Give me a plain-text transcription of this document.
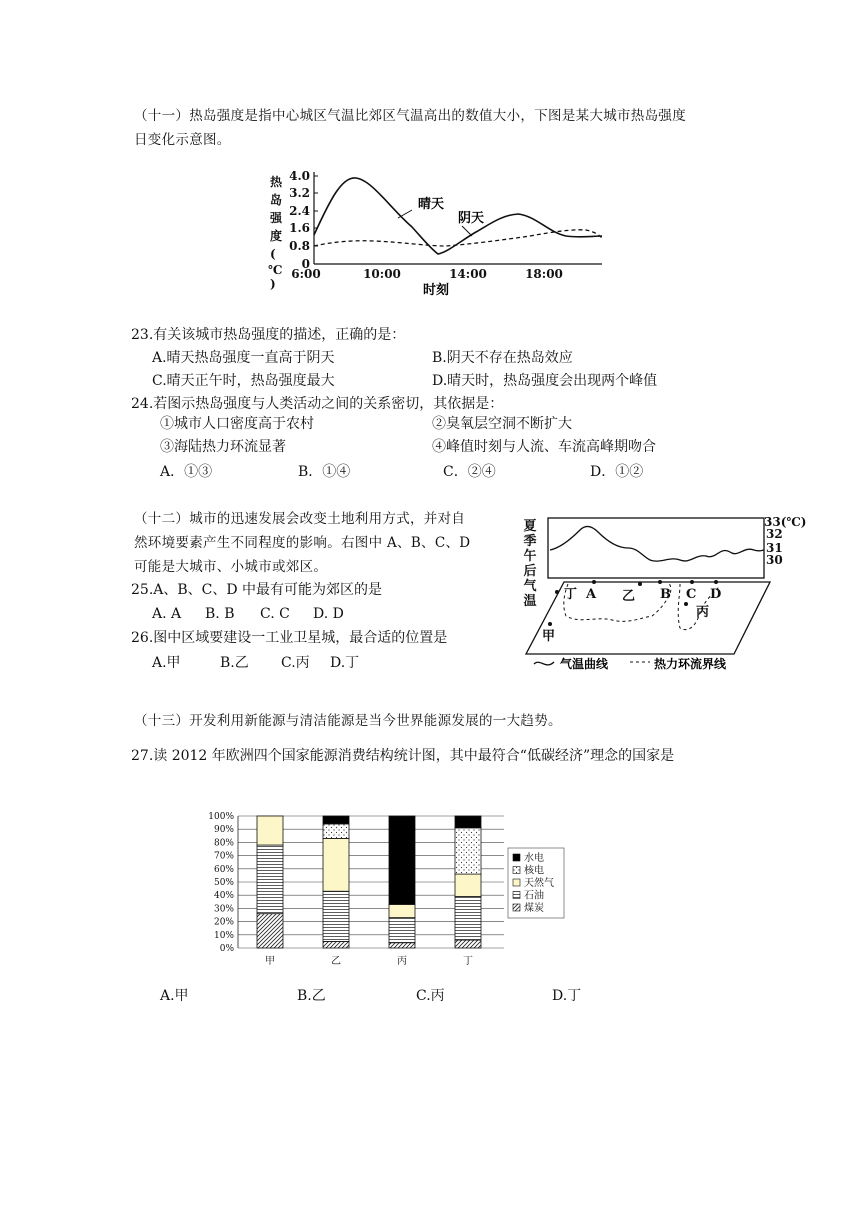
（十一）热岛强度是指中心城区气温比郊区气温高出的数值大小，下图是某大城市热岛强度
日变化示意图。
热
岛
强
度
(
℃
)
4.0
3.2
2.4
1.6
0.8
0
6:00	10:00	14:00	18:00
晴天
阴天
时刻
23.有关该城市热岛强度的描述，正确的是：
A.晴天热岛强度一直高于阴天	B.阴天不存在热岛效应
C.晴天正午时，热岛强度最大	D.晴天时，热岛强度会出现两个峰值
24.若图示热岛强度与人类活动之间的关系密切，其依据是：
①城市人口密度高于农村	②臭氧层空洞不断扩大
③海陆热力环流显著	④峰值时刻与人流、车流高峰期吻合
A．①③	B．①④	C．②④	D．①②
（十二）城市的迅速发展会改变土地利用方式，并对自
然环境要素产生不同程度的影响。右图中 A、B、C、D
可能是大城市、小城市或郊区。
25.A、B、C、D 中最有可能为郊区的是
A. A B. B C. C D. D
26.图中区域要建设一工业卫星城，最合适的位置是
A.甲	B.乙 C.丙 D.丁
夏
季
午
后
气
温
33(℃)
32
31
30
丁 A 乙 B C D
丙
甲
气温曲线	热力环流界线
（十三）开发利用新能源与清洁能源是当今世界能源发展的一大趋势。
27.读 2012 年欧洲四个国家能源消费结构统计图，其中最符合“低碳经济”理念的国家是
0%
10%
20%
30%
40%
50%
60%
70%
80%
90%
100%
甲	乙	丙	丁
水电
核电
天然气
石油
煤炭
A.甲	B.乙	C.丙	D.丁
